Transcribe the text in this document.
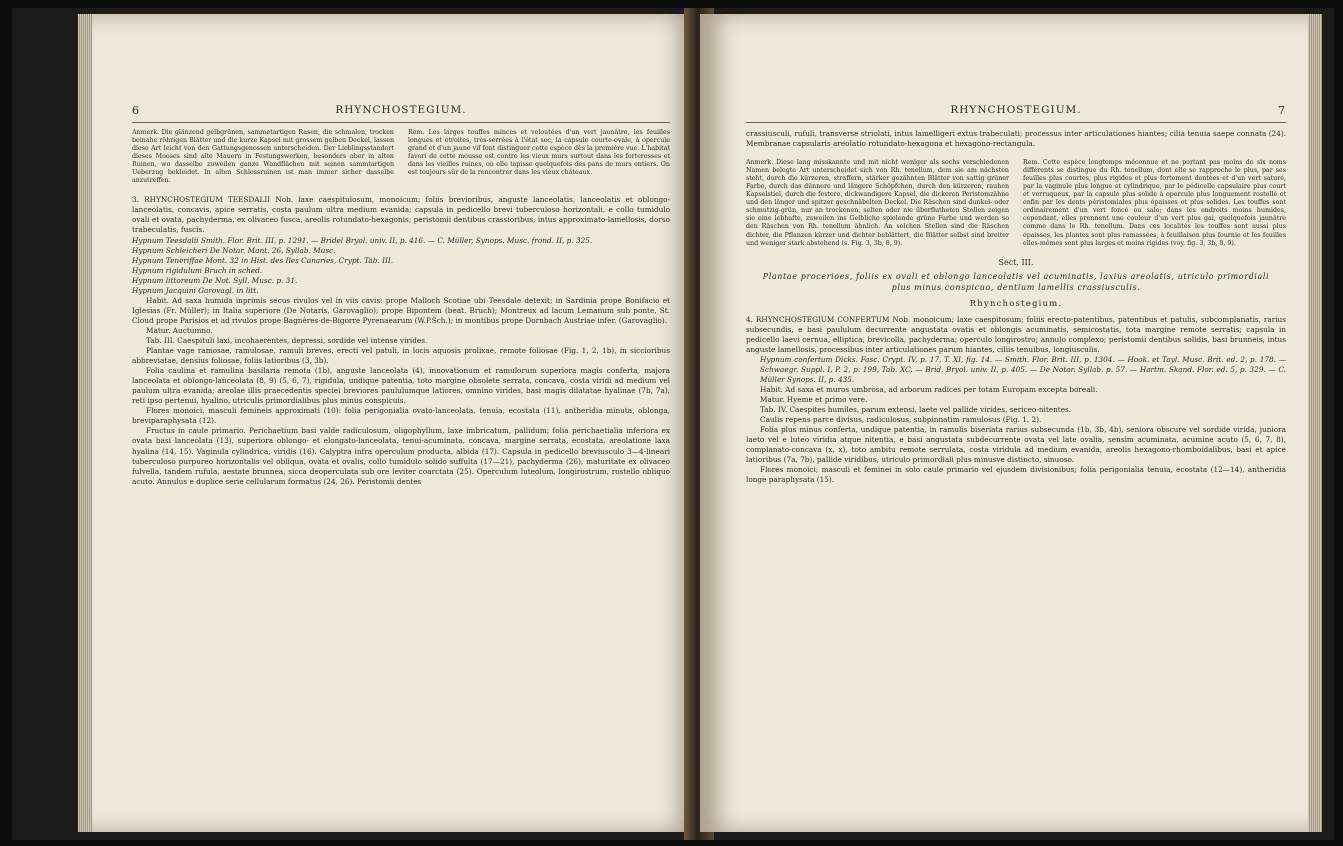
6	RHYNCHOSTEGIUM.

Anmerk. Die glänzend gelbgrünen, sammetartigen Rasen, die schmalen, trocken beinahe röhrigen Blätter und die kurze Kapsel mit grossem gelben Deckel, lassen diese Art leicht von den Gattungsgenossen unterscheiden. Der Lieblingsstandort dieses Mooses sind alte Mauern in Festungswerken, besonders aber in alten Ruinen, wo dasselbe zuweilen ganze Wandflächen mit seinen sammtartigen Ueberzug bekleidet. In alten Schlossruinen ist man immer sicher dasselbe anzutreffen.

Rem. Les larges touffes minces et veloutées d'un vert jaunâtre, les feuilles longues et étroites, très-serrées à l'état sec, la capsule courte-ovale, à opercule grand et d'un jaune vif font distinguer cette espèce dès la première vue. L'habitat favori de cette mousse est contre les vieux murs surtout dans les forteresses et dans les vieilles ruines, où elle tapisse quelquefois des pans de murs entiers. On est toujours sûr de la rencontrer dans les vieux châteaux.

3. RHYNCHOSTEGIUM TEESDALII Nob. laxe caespitulosum, monoicum; foliis brevioribus, anguste lanceolatis, lanceolatis et oblongo-lanceolatis, concavis, apice serratis, costa paulum ultra medium evanida; capsula in pedicello brevi tuberculoso horizontali, e collo tumidulo ovali et ovata, pachyderma, ex olivaceo fusca, areolis rotundato-hexagonis; peristomii dentibus crassioribus, intus approximato-lamellosis, dorso trabeculatis, fuscis.

Hypnum Teesdalii Smith. Flor. Brit. III, p. 1291. — Bridel Bryol. univ. II, p. 416. — C. Müller, Synops. Musc. frond. II, p. 325.

Hypnum Schleicheri De Notar. Mant. 26, Syllab. Musc.

Hypnum Teneriffae Mont. 32 in Hist. des Iles Canaries, Crypt. Tab. III.

Hypnum rigidulum Bruch in sched.

Hypnum littoreum De Not. Syll. Musc. p. 31.

Hypnum Jacquini Garovagl. in litt.

Habit. Ad saxa humida inprimis secus rivulos vel in viis cavis: prope Malloch Scotiae ubi Teesdale detexit; in Sardinia prope Bonifacio et Iglesias (Fr. Müller); in Italia superiore (De Notaris, Garovaglio); prope Bipontem (beat. Bruch); Montreux ad lacum Lemanum sub ponte, St. Cloud prope Parisios et ad rivulos prope Bagnères-de-Bigorre Pyrenaearum (W.P.Sch.); in montibus prope Dornbach Austriae infer. (Garovaglio).

Matur. Auctumno.

Tab. III. Caespituli laxi, incohaerentes, depressi, sordide vel intense virides.

Plantae vage ramosae, ramulosae, ramuli breves, erecti vel patuli, in locis aquosis prolixae, remote foliosae (Fig. 1, 2, 1b), in siccioribus abbreviatae, densius foliosae, foliis latioribus (3, 3b).

Folia caulina et ramulina basilaria remota (1b), anguste lanceolata (4), innovationum et ramulorum superiora magis conferta, majora lanceolata et oblongo-lanceolata (8, 9) (5, 6, 7), rigidula, undique patentia, toto margine obsolete serrata, concava, costa viridi ad medium vel paulum ultra evanida; areolae illis praecedentis speciei breviores paululumque latiores, omnino virides, basi magis dilatatae hyalinae (7b, 7a), reti ipso pertenui, hyalino, utriculis primordialibus plus minus conspicuis.

Flores monoici, masculi femineis approximati (10): folia perigonialia ovato-lanceolata, tenuia, ecostata (11), antheridia minuta, oblonga, breviparaphysata (12).

Fructus in caule primario. Perichaetium basi valde radiculosum, oligophyllum, laxe imbricatum, pallidum; folia perichaetialia inferiora ex ovata basi lanceolata (13), superiora oblongo- et elongato-lanceolata, tenui-acuminata, concava, margine serrata, ecostata, areolatione laxa hyalina (14, 15). Vaginula cylindrica, viridis (16). Calyptra infra operculum producta, albida (17). Capsula in pedicello breviusculo 3—4-lineari tuberculoso purpureo horizontalis vel obliqua, ovata et ovalis, collo tumidulo solido suffulta (17—21), pachyderma (26), maturitate ex olivaceo fulvella, tandem rufula, aestate brunnea, sicca deoperculata sub ore leviter coarctata (25). Operculum luteolum, longirostrum, rostello obliquo acuto. Annulus e duplice serie cellularum formatus (24, 26). Peristomii dentes

RHYNCHOSTEGIUM.	7

crassiusculi, rufuli, transverse striolati, intus lamelligeri extus trabeculati; processus inter articulationes hiantes; cilia tenuia saepe connata (24). Membranae capsularis areolatio rotundato-hexagona et hexagono-rectangula.

Anmerk. Diese lang misskannte und mit nicht weniger als sechs verschiedenen Namen belegte Art unterscheidet sich von Rh. tenellum, dem sie am nächsten steht, durch die kürzeren, straffern, stärker gezähnten Blätter von sattig grüner Farbe, durch das dünnere und längere Schöpfchen, durch den kürzeren, rauhen Kapselstiel, durch die festere, dickwandigere Kapsel, die dickeren Peristomzähne und den länger und spitzer geschnäbelten Deckel. Die Räschen sind dunkel- oder schmutzig-grün, nur an trockenen, selten oder nie überflutheten Stellen zeigen sie eine lebhafte, zuweilen ins Gelbliche spielende grüne Farbe und werden so den Räschen von Rh. tenellum ähnlich. An solchen Stellen sind die Räschen dichter, die Pflanzen kürzer und dichter beblättert, die Blätter selbst sind breiter und weniger stark abstehend (s. Fig. 3, 3b, 8, 9).

Rem. Cette espèce longtemps méconnue et ne portant pas moins de six noms différents se distingue du Rh. tenellum, dont elle se rapproche le plus, par ses feuilles plus courtes, plus rigides et plus fortement dentées et d'un vert saturé, par la vaginule plus longue et cylindrique, par le pédicelle capsulaire plus court et verruqueux, par la capsule plus solide à opercule plus longuement rostellé et enfin par les dents péristomiales plus épaisses et plus solides. Les touffes sont ordinairement d'un vert foncé ou sale; dans les endroits moins humides, cependant, elles prennent une couleur d'un vert plus gai, quelquefois jaunâtre comme dans le Rh. tenellum. Dans ces localités les touffes sont aussi plus épaisses, les plantes sont plus ramassées, à feuillaison plus fournie et les feuilles elles-mêmes sont plus larges et moins rigides (voy. fig. 3, 3b, 8, 9).

Sect. III.
Plantae procerioes, foliis ex ovali et oblongo lanceolatis vel acuminatis, laxius areolatis, utriculo primordiali plus minus conspicuo, dentium lamellis crassiusculis.
Rhynchostegium.

4. RHYNCHOSTEGIUM CONFERTUM Nob. monoicum; laxe caespitosum; foliis erecto-patentibus, patentibus et patulis, subcomplanatis, rarius subsecundis, e basi paululum decurrente angustata ovatis et oblongis acuminatis, semicostatis, tota margine remote serratis; capsula in pedicello laevi cernua, elliptica, brevicolla, pachyderma; operculo longirostro; annulo complexo; peristomii dentibus solidis, basi brunneis, intus anguste lamellosis, processibus inter articulationes parum hiantes, ciliis tenuibus, longiusculis.

Hypnum confertum Dicks. Fasc. Crypt. IV, p. 17, T. XI, fig. 14. — Smith. Flor. Brit. III, p. 1304. — Hook. et Tayl. Musc. Brit. ed. 2, p. 178. — Schwaegr. Suppl. I, P. 2, p. 199, Tab. XC. — Brid. Bryol. univ. II, p. 405. — De Notar. Syllab. p. 57. — Hartm. Skand. Flor. ed. 5, p. 329. — C. Müller Synops. II, p. 435.

Habit. Ad saxa et muros umbrosa, ad arborum radices per totam Europam excepta boreali.

Matur. Hyeme et primo vere.

Tab. IV. Caespites humiles, parum extensi, laete vel pallide virides, sericeo-nitentes.

Caulis repens parce divisus, radiculosus, subpinnatim ramulosus (Fig. 1, 2).

Folia plus minus conferta, undique patentia, in ramulis biseriata rarius subsecunda (1b, 3b, 4b), seniora obscure vel sordide virida, juniora laeto vel e luteo viridia atque nitentia, e basi angustata subdecurrente ovata vel late ovalia, sensim acuminata, acumine acuto (5, 6, 7, 8), complanato-concava (x, x), toto ambitu remote serrulata, costa viridula ad medium evanida, areolis hexagono-rhomboidalibus, basi et apice latioribus (7a, 7b), pallide viridibus, utriculo primordiali plus minusve distincto, sinuoso.

Flores monoici; masculi et feminei in solo caule primario vel ejusdem divisionibus; folia perigonialia tenuia, ecostata (12—14), antheridia longe paraphysata (15).
